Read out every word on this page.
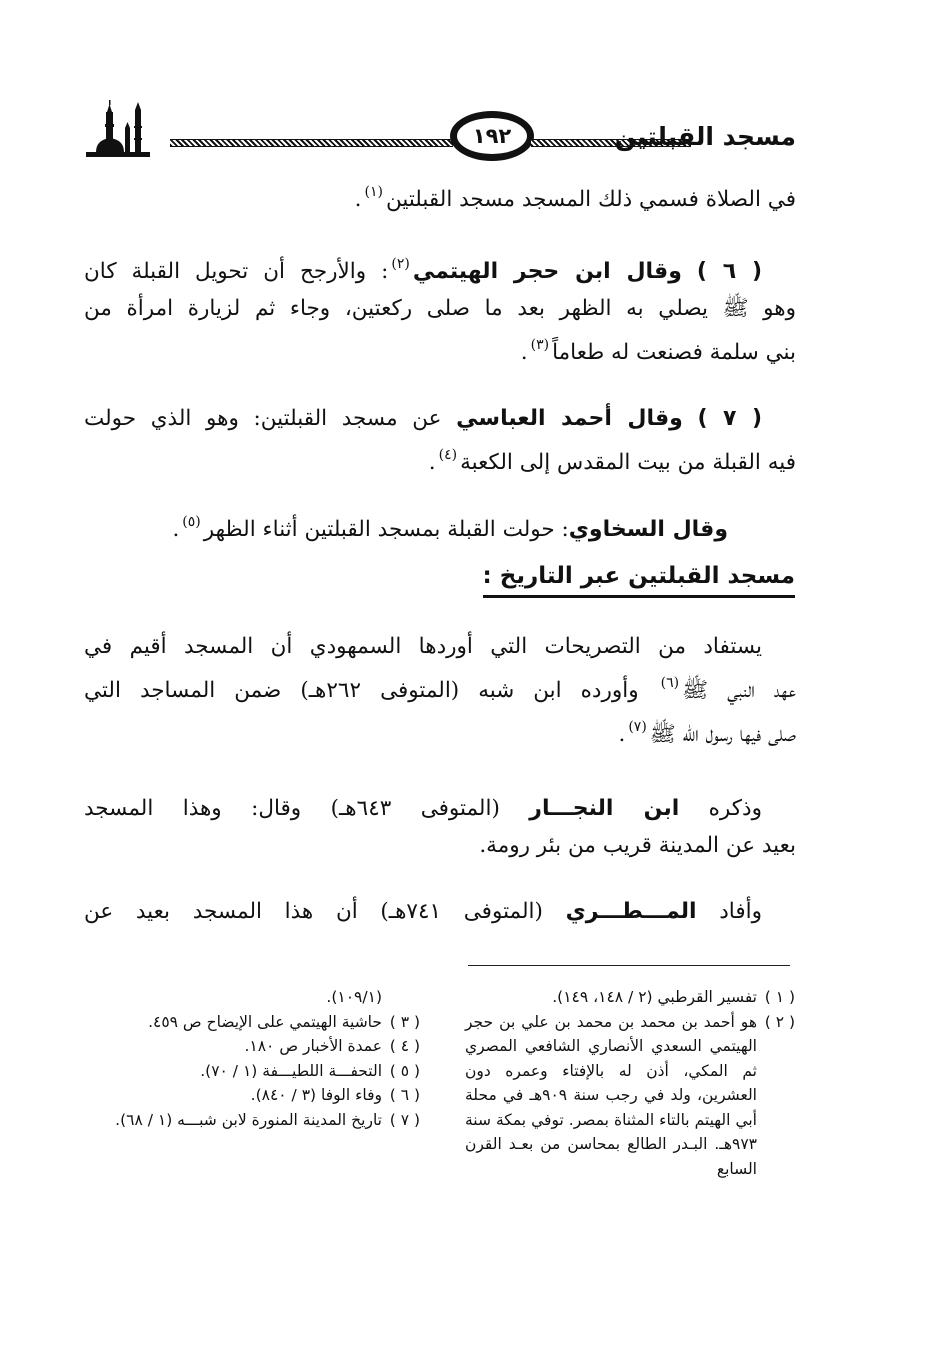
١٩٢	مسجد القبلتين
في الصلاة فسمي ذلك المسجد مسجد القبلتين$^{(١)}$.
( ٦ ) وقال ابن حجر الهيتمي$^{(٢)}$: والأرجح أن تحويل القبلة كان
وهو ﷺ يصلي به الظهر بعد ما صلى ركعتين، وجاء ثم لزيارة امرأة من
بني سلمة فصنعت له طعاماً$^{(٣)}$.
( ٧ ) وقال أحمد العباسي عن مسجد القبلتين: وهو الذي حولت
فيه القبلة من بيت المقدس إلى الكعبة$^{(٤)}$.
وقال السخاوي: حولت القبلة بمسجد القبلتين أثناء الظهر$^{(٥)}$.
مسجد القبلتين عبر التاريخ :
يستفاد من التصريحات التي أوردها السمهودي أن المسجد أقيم في
عهد النبي ﷺ$^{(٦)}$ وأورده ابن شبه (المتوفى ٢٦٢هـ) ضمن المساجد التي
صلى فيها رسول الله ﷺ$^{(٧)}$.
وذكره ابن النجـــار (المتوفى ٦٤٣هـ) وقال: وهذا المسجد
بعيد عن المدينة قريب من بئر رومة.
وأفاد المـــطـــري (المتوفى ٧٤١هـ) أن هذا المسجد بعيد عن
( ١ )
تفسير القرطبي (٢ / ١٤٨، ١٤٩).
( ٢ )
هو أحمد بن محمد بن محمد بن علي بن حجر الهيتمي السعدي الأنصاري الشافعي المصري ثم المكي، أذن له بالإفتاء وعمره دون العشرين، ولد في رجب سنة ٩٠٩هـ في محلة أبي الهيتم بالتاء المثناة بمصر. توفي بمكة سنة ٩٧٣هـ. البـدر الطالع بمحاسن من بعـد القرن السابع
(١٠٩/١).
( ٣ )
حاشية الهيتمي على الإيضاح ص ٤٥٩.
( ٤ )
عمدة الأخبار ص ١٨٠.
( ٥ )
التحفـــة اللطيـــفة (١ / ٧٠).
( ٦ )
وفاء الوفا (٣ / ٨٤٠).
( ٧ )
تاريخ المدينة المنورة لابن شبـــه (١ / ٦٨).
